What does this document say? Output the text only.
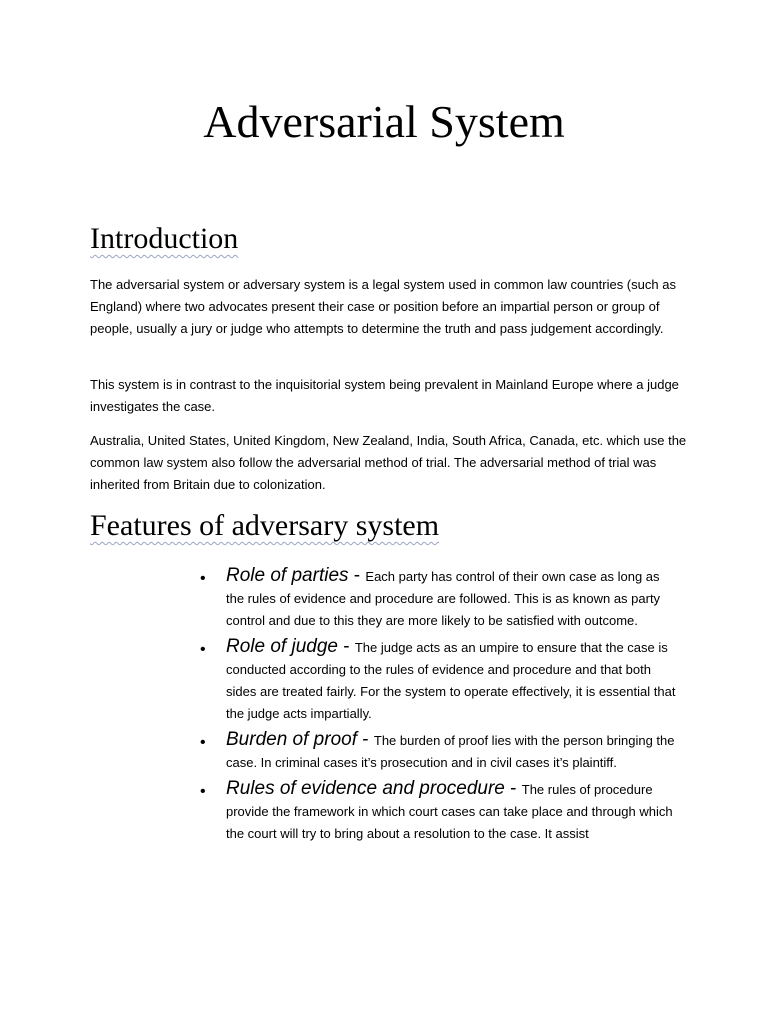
Adversarial System
Introduction

The adversarial system or adversary system is a legal system used in common law countries (such as England) where two advocates present their case or position before an impartial person or group of people, usually a jury or judge who attempts to determine the truth and pass judgement accordingly.

This system is in contrast to the inquisitorial system being prevalent in Mainland Europe where a judge investigates the case.

Australia, United States, United Kingdom, New Zealand, India, South Africa, Canada, etc. which use the common law system also follow the adversarial method of trial. The adversarial method of trial was inherited from Britain due to colonization.

Features of adversary system
• Role of parties - Each party has control of their own case as long as the rules of evidence and procedure are followed. This is as known as party control and due to this they are more likely to be satisfied with outcome.
• Role of judge - The judge acts as an umpire to ensure that the case is conducted according to the rules of evidence and procedure and that both sides are treated fairly. For the system to operate effectively, it is essential that the judge acts impartially.
• Burden of proof - The burden of proof lies with the person bringing the case. In criminal cases it’s prosecution and in civil cases it’s plaintiff.
• Rules of evidence and procedure - The rules of procedure provide the framework in which court cases can take place and through which the court will try to bring about a resolution to the case. It assist
